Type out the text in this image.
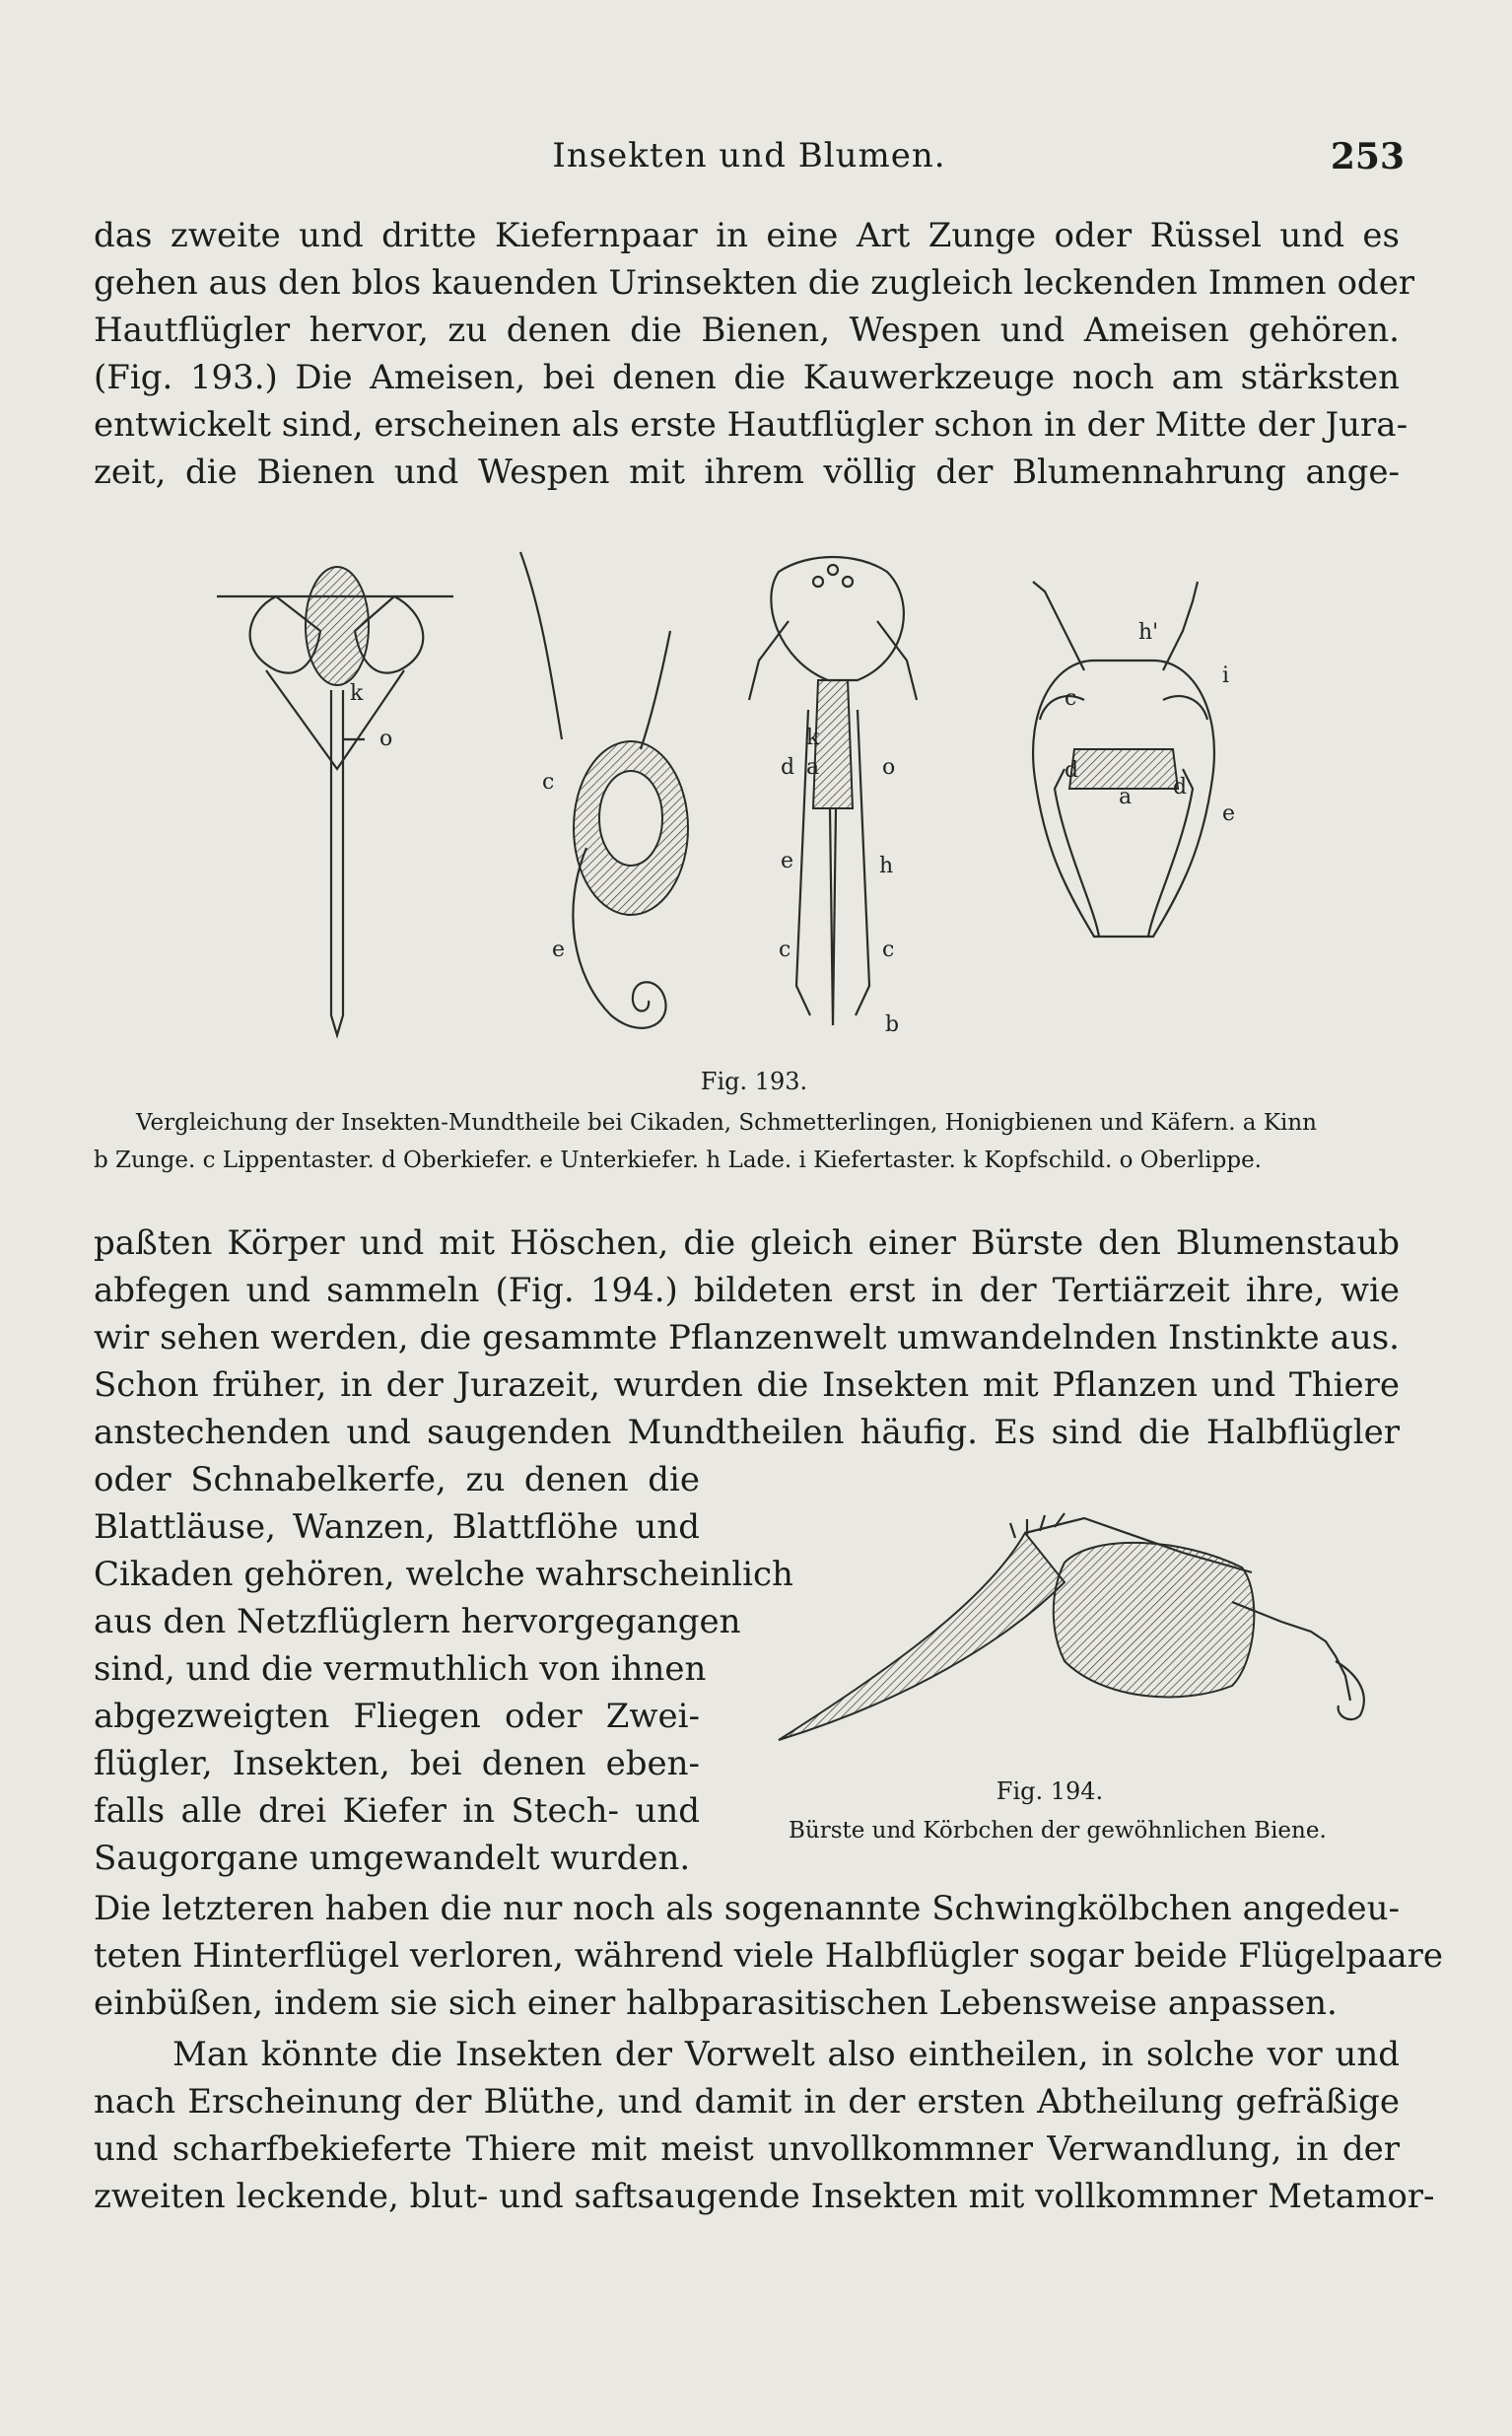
Insekten und Blumen.	253
das zweite und dritte Kiefernpaar in eine Art Zunge oder Rüssel und es
gehen aus den blos kauenden Urinsekten die zugleich leckenden Immen oder
Hautflügler hervor, zu denen die Bienen, Wespen und Ameisen gehören.
(Fig. 193.) Die Ameisen, bei denen die Kauwerkzeuge noch am stärksten
entwickelt sind, erscheinen als erste Hautflügler schon in der Mitte der Jura-
zeit, die Bienen und Wespen mit ihrem völlig der Blumennahrung ange-
k
o
c
e
k
a
d	o
e	h
c	c
b
c
h'
i
d
d
a
e
Fig. 193.
Vergleichung der Insekten-Mundtheile bei Cikaden, Schmetterlingen, Honigbienen und Käfern. a Kinn
b Zunge. c Lippentaster. d Oberkiefer. e Unterkiefer. h Lade. i Kiefertaster. k Kopfschild. o Oberlippe.
paßten Körper und mit Höschen, die gleich einer Bürste den Blumenstaub
abfegen und sammeln (Fig. 194.) bildeten erst in der Tertiärzeit ihre, wie
wir sehen werden, die gesammte Pflanzenwelt umwandelnden Instinkte aus.
Schon früher, in der Jurazeit, wurden die Insekten mit Pflanzen und Thiere
anstechenden und saugenden Mundtheilen häufig. Es sind die Halbflügler
oder Schnabelkerfe, zu denen die
Blattläuse, Wanzen, Blattflöhe und
Cikaden gehören, welche wahrscheinlich
aus den Netzflüglern hervorgegangen
sind, und die vermuthlich von ihnen
abgezweigten Fliegen oder Zwei-
flügler, Insekten, bei denen eben-
falls alle drei Kiefer in Stech- und
Saugorgane umgewandelt wurden.
Fig. 194.
Bürste und Körbchen der gewöhnlichen Biene.
Die letzteren haben die nur noch als sogenannte Schwingkölbchen angedeu-
teten Hinterflügel verloren, während viele Halbflügler sogar beide Flügelpaare
einbüßen, indem sie sich einer halbparasitischen Lebensweise anpassen.
Man könnte die Insekten der Vorwelt also eintheilen, in solche vor und
nach Erscheinung der Blüthe, und damit in der ersten Abtheilung gefräßige
und scharfbekieferte Thiere mit meist unvollkommner Verwandlung, in der
zweiten leckende, blut- und saftsaugende Insekten mit vollkommner Metamor-
